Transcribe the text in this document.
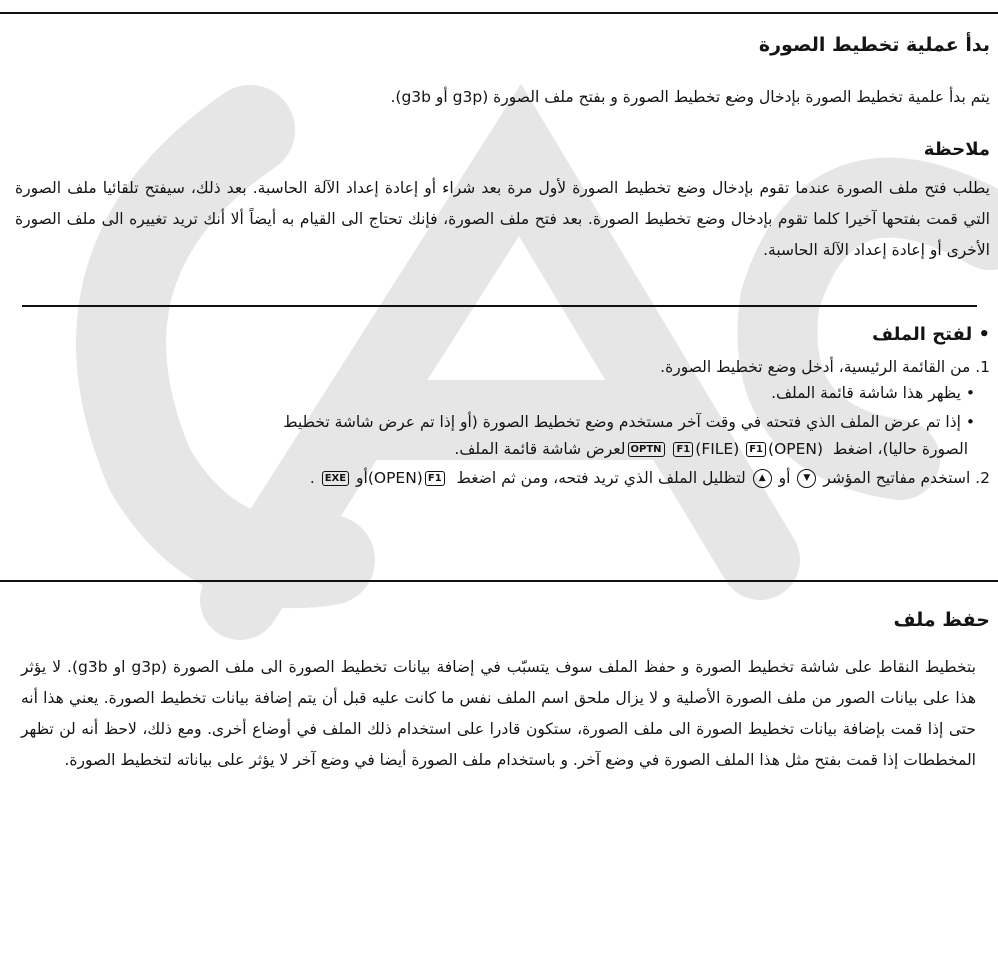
بدأ عملية تخطيط الصورة

يتم بدأ علمية تخطيط الصورة بإدخال وضع تخطيط الصورة و بفتح ملف الصورة (g3p أو g3b).

ملاحظة

يطلب فتح ملف الصورة عندما تقوم بإدخال وضع تخطيط الصورة لأول مرة بعد شراء أو إعادة إعداد الآلة الحاسبة. بعد ذلك، سيفتح تلقائيا ملف الصورة التي قمت بفتحها آخيرا كلما تقوم بإدخال وضع تخطيط الصورة. بعد فتح ملف الصورة، فإنك تحتاج الى القيام به أيضاً ألا أنك تريد تغييره الى ملف الصورة الأخرى أو إعادة إعداد الآلة الحاسبة.

• لفتح الملف
1. من القائمة الرئيسية، أدخل وضع تخطيط الصورة.
• يظهر هذا شاشة قائمة الملف.
• إذا تم عرض الملف الذي فتحته في وقت آخر مستخدم وضع تخطيط الصورة (أو إذا تم عرض شاشة تخطيط
الصورة حاليا)، اضغط OPTN F1 (FILE) F1 (OPEN) لعرض شاشة قائمة الملف.
2. استخدم مفاتيح المؤشر ▼ أو ▲ لتظليل الملف الذي تريد فتحه، ومن ثم اضغط (OPEN) F1 أو EXE .
حفظ ملف

بتخطيط النقاط على شاشة تخطيط الصورة و حفظ الملف سوف يتسبّب في إضافة بيانات تخطيط الصورة الى ملف الصورة (g3p او g3b). لا يؤثر هذا على بيانات الصور من ملف الصورة الأصلية و لا يزال ملحق اسم الملف نفس ما كانت عليه قبل أن يتم إضافة بيانات تخطيط الصورة. يعني هذا أنه حتى إذا قمت بإضافة بيانات تخطيط الصورة الى ملف الصورة، ستكون قادرا على استخدام ذلك الملف في أوضاع أخرى. ومع ذلك، لاحظ أنه لن تظهر المخططات إذا قمت بفتح مثل هذا الملف الصورة في وضع آخر. و باستخدام ملف الصورة أيضا في وضع آخر لا يؤثر على بياناته لتخطيط الصورة.
